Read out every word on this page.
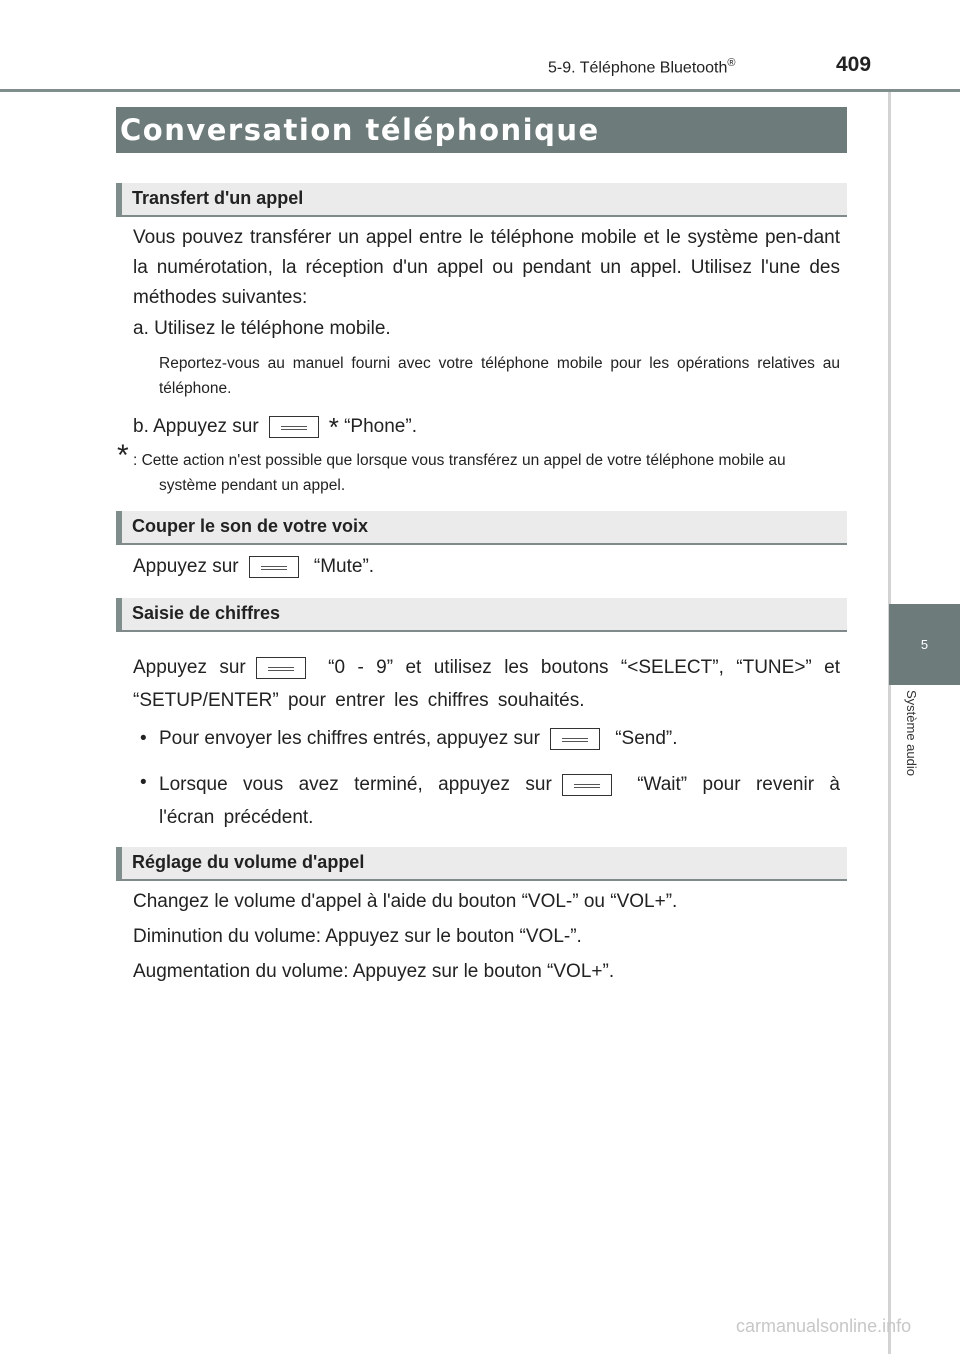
5-9. Téléphone Bluetooth®	409
5
Système audio
Conversation téléphonique
Transfert d'un appel
Vous pouvez transférer un appel entre le téléphone mobile et le système pen-dant la numérotation, la réception d'un appel ou pendant un appel. Utilisez l'une des méthodes suivantes:
a. Utilisez le téléphone mobile.
Reportez-vous au manuel fourni avec votre téléphone mobile pour les opérations relatives au téléphone.
b. Appuyez sur	* “Phone”.
* : Cette action n'est possible que lorsque vous transférez un appel de votre téléphone mobile au système pendant un appel.
Couper le son de votre voix
Appuyez sur	“Mute”.
Saisie de chiffres
Appuyez sur	“0 - 9” et utilisez les boutons “<SELECT”, “TUNE>” et “SETUP/ENTER” pour entrer les chiffres souhaités.
• Pour envoyer les chiffres entrés, appuyez sur	“Send”.
• Lorsque vous avez terminé, appuyez sur	“Wait” pour revenir à l'écran précédent.
Réglage du volume d'appel
Changez le volume d'appel à l'aide du bouton “VOL-” ou “VOL+”.
Diminution du volume: Appuyez sur le bouton “VOL-”.
Augmentation du volume: Appuyez sur le bouton “VOL+”.
carmanualsonline.info
